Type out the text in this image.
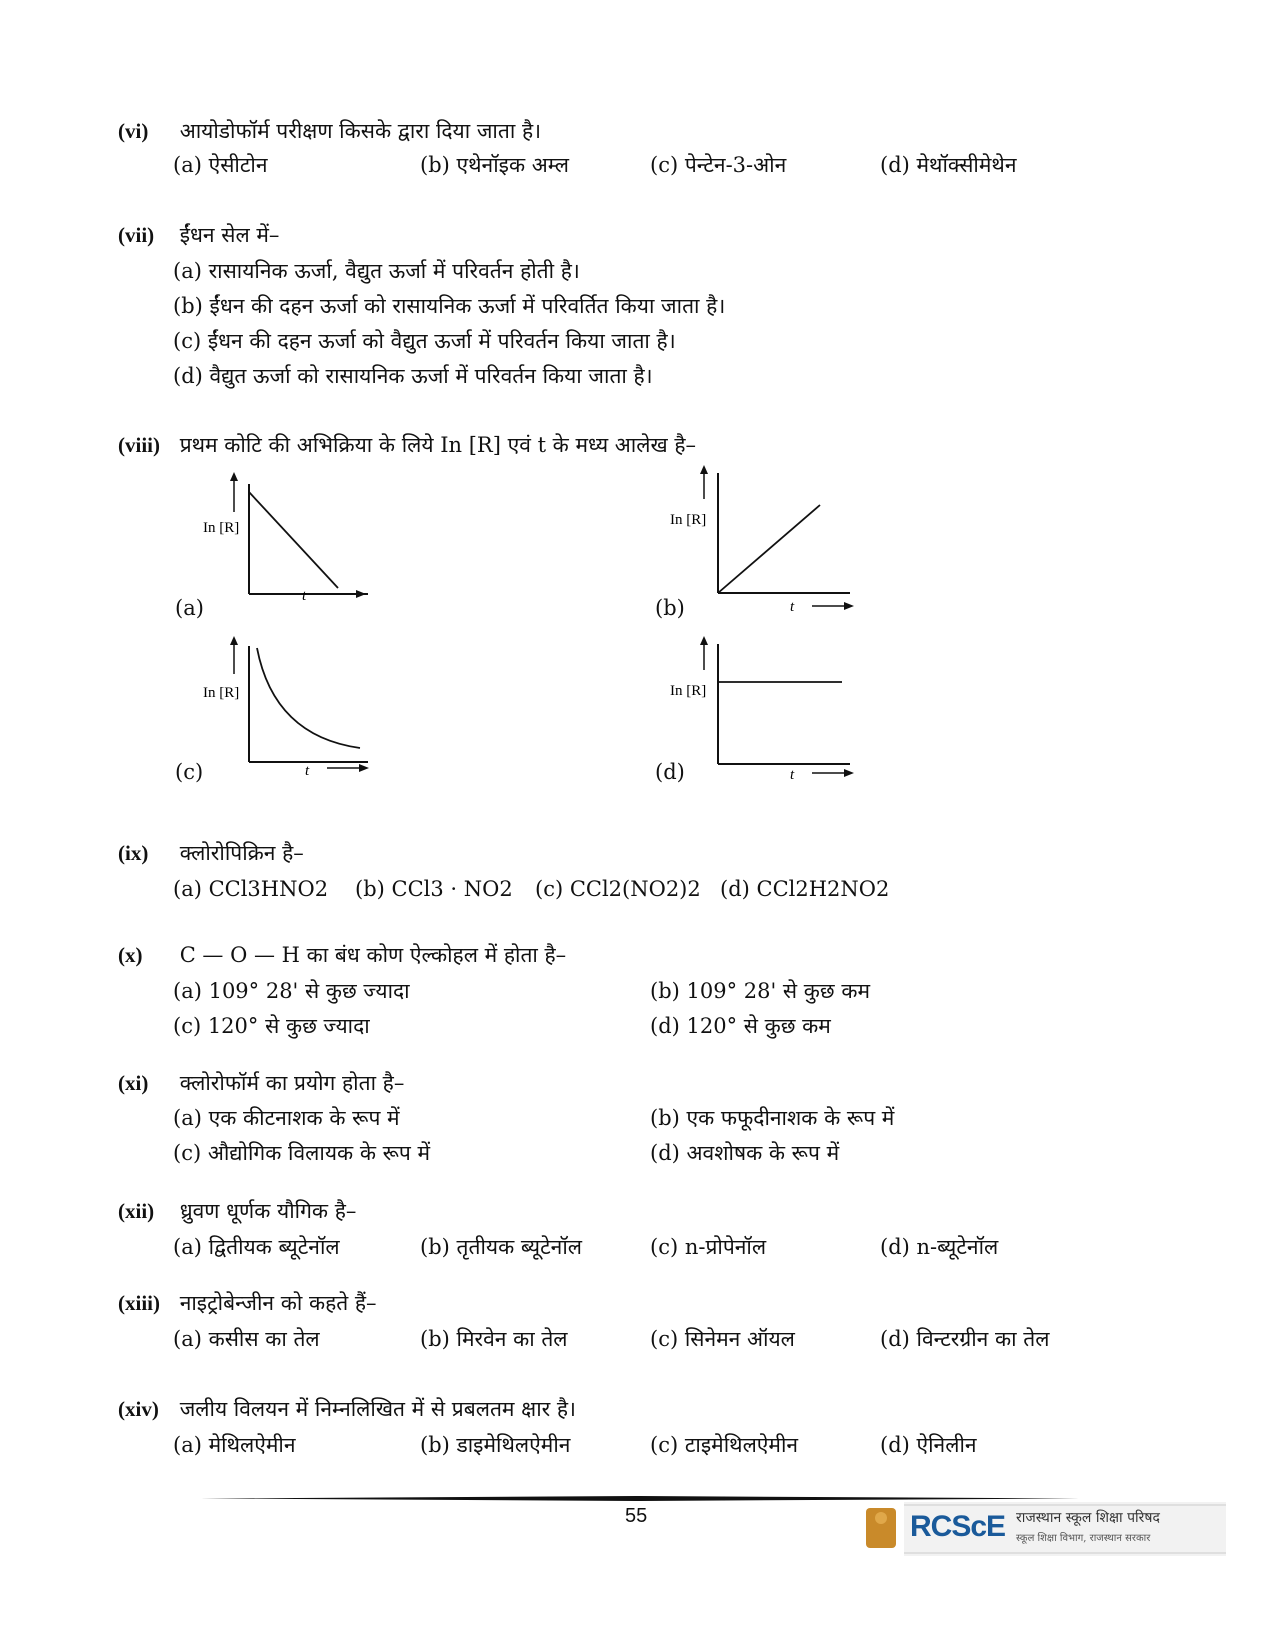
(vi) आयोडोफॉर्म परीक्षण किसके द्वारा दिया जाता है।
(a) ऐसीटोन	(b) एथेनॉइक अम्ल	(c) पेन्टेन-3-ओन	(d) मेथॉक्सीमेथेन
(vii) ईंधन सेल में–
(a) रासायनिक ऊर्जा, वैद्युत ऊर्जा में परिवर्तन होती है।
(b) ईंधन की दहन ऊर्जा को रासायनिक ऊर्जा में परिवर्तित किया जाता है।
(c) ईंधन की दहन ऊर्जा को वैद्युत ऊर्जा में परिवर्तन किया जाता है।
(d) वैद्युत ऊर्जा को रासायनिक ऊर्जा में परिवर्तन किया जाता है।
(viii) प्रथम कोटि की अभिक्रिया के लिये In [R] एवं t के मध्य आलेख है–
In [R]
(a)	t
In [R]
(b)	t
In [R]
(c)	t
In [R]
(d)	t
(ix) क्लोरोपिक्रिन है–
(a) CCl3HNO2 (b) CCl3 · NO2 (c) CCl2(NO2)2 (d) CCl2H2NO2
(x) C — O — H का बंध कोण ऐल्कोहल में होता है–
(a) 109° 28' से कुछ ज्यादा	(b) 109° 28' से कुछ कम
(c) 120° से कुछ ज्यादा	(d) 120° से कुछ कम
(xi) क्लोरोफॉर्म का प्रयोग होता है–
(a) एक कीटनाशक के रूप में	(b) एक फफूदीनाशक के रूप में
(c) औद्योगिक विलायक के रूप में	(d) अवशोषक के रूप में
(xii) ध्रुवण धूर्णक यौगिक है–
(a) द्वितीयक ब्यूटेनॉल	(b) तृतीयक ब्यूटेनॉल	(c) n-प्रोपेनॉल	(d) n-ब्यूटेनॉल
(xiii) नाइट्रोबेन्जीन को कहते हैं–
(a) कसीस का तेल	(b) मिरवेन का तेल	(c) सिनेमन ऑयल	(d) विन्टरग्रीन का तेल
(xiv) जलीय विलयन में निम्नलिखित में से प्रबलतम क्षार है।
(a) मेथिलऐमीन	(b) डाइमेथिलऐमीन	(c) टाइमेथिलऐमीन	(d) ऐनिलीन
55	RCScE राजस्थान स्कूल शिक्षा परिषद
स्कूल शिक्षा विभाग, राजस्थान सरकार
